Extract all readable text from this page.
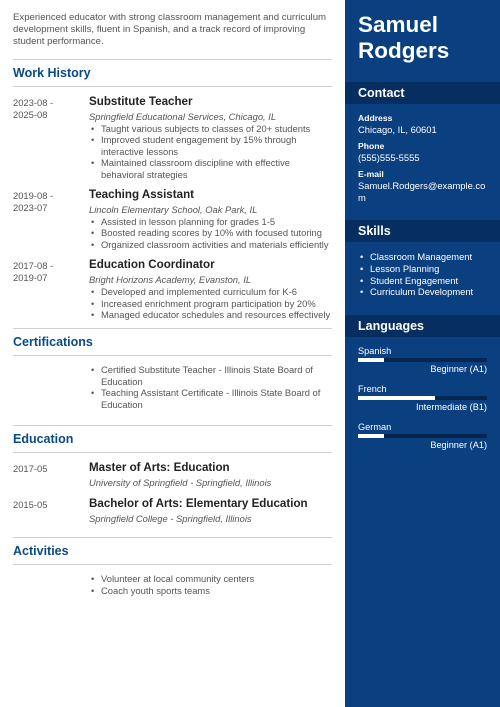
Experienced educator with strong classroom management and curriculum development skills, fluent in Spanish, and a track record of improving student performance.

Work History
2023-08 -
2025-08
Substitute Teacher
Springfield Educational Services, Chicago, IL
• Taught various subjects to classes of 20+ students
• Improved student engagement by 15% through interactive lessons
• Maintained classroom discipline with effective behavioral strategies
2019-08 -
2023-07
Teaching Assistant
Lincoln Elementary School, Oak Park, IL
• Assisted in lesson planning for grades 1-5
• Boosted reading scores by 10% with focused tutoring
• Organized classroom activities and materials efficiently
2017-08 -
2019-07
Education Coordinator
Bright Horizons Academy, Evanston, IL
• Developed and implemented curriculum for K-6
• Increased enrichment program participation by 20%
• Managed educator schedules and resources effectively
Certifications
• Certified Substitute Teacher - Illinois State Board of Education
• Teaching Assistant Certificate - Illinois State Board of Education
Education
2017-05	Master of Arts: Education
University of Springfield - Springfield, Illinois
2015-05	Bachelor of Arts: Elementary Education
Springfield College - Springfield, Illinois
Activities
• Volunteer at local community centers
• Coach youth sports teams
Samuel
Rodgers
Contact
Address
Chicago, IL, 60601
Phone
(555)555-5555
E-mail
Samuel.Rodgers@example.com
Skills
• Classroom Management
• Lesson Planning
• Student Engagement
• Curriculum Development
Languages
Spanish
Beginner (A1)
French
Intermediate (B1)
German
Beginner (A1)
